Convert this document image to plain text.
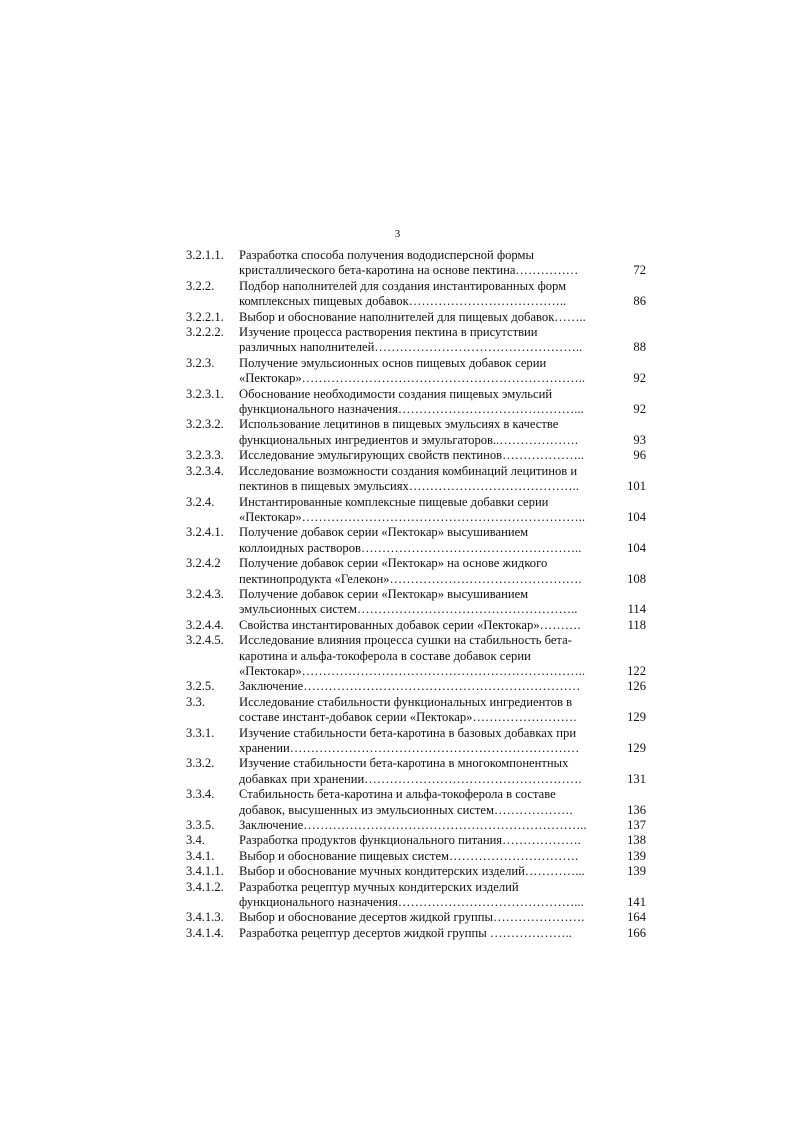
3
3.2.1.1.	Разработка способа получения вододисперсной формы
кристаллического бета-каротина на основе пектина……………	72
3.2.2.	Подбор наполнителей для создания инстантированных форм
комплексных пищевых добавок………………………………..	86
3.2.2.1.	Выбор и обоснование наполнителей для пищевых добавок……..
3.2.2.2.	Изучение процесса растворения пектина в присутствии
различных наполнителей…………………………………………..	88
3.2.3.	Получение эмульсионных основ пищевых добавок серии
«Пектокар»…………………………………………………………..	92
3.2.3.1.	Обоснование необходимости создания пищевых эмульсий
функционального назначения……………………………………...	92
3.2.3.2.	Использование лецитинов в пищевых эмульсиях в качестве
функциональных ингредиентов и эмульгаторов..……………….	93
3.2.3.3.	Исследование эмульгирующих свойств пектинов………………..	96
3.2.3.4.	Исследование возможности создания комбинаций лецитинов и
пектинов в пищевых эмульсиях…………………………………..	101
3.2.4.	Инстантированные комплексные пищевые добавки серии
«Пектокар»…………………………………………………………..	104
3.2.4.1.	Получение добавок серии «Пектокар» высушиванием
коллоидных растворов……………………………………………..	104
3.2.4.2	Получение добавок серии «Пектокар» на основе жидкого
пектинопродукта «Гелекон»……………………………………….	108
3.2.4.3.	Получение добавок серии «Пектокар» высушиванием
эмульсионных систем……………………………………………..	114
3.2.4.4.	Свойства инстантированных добавок серии «Пектокар»……….	118
3.2.4.5.	Исследование влияния процесса сушки на стабильность бета-
каротина и альфа-токоферола в составе добавок серии
«Пектокар»…………………………………………………………..	122
3.2.5.	Заключение…………………………………………………………	126
3.3.	Исследование стабильности функциональных ингредиентов в
составе инстант-добавок серии «Пектокар»…………………….	129
3.3.1.	Изучение стабильности бета-каротина в базовых добавках при
хранении……………………………………………………………	129
3.3.2.	Изучение стабильности бета-каротина в многокомпонентных
добавках при хранении…………………………………………….	131
3.3.4.	Стабильность бета-каротина и альфа-токоферола в составе
добавок, высушенных из эмульсионных систем……………….	136
3.3.5.	Заключение…………………………………………………………..	137
3.4.	Разработка продуктов функционального питания……………….	138
3.4.1.	Выбор и обоснование пищевых систем………………………….	139
3.4.1.1.	Выбор и обоснование мучных кондитерских изделий…………...	139
3.4.1.2.	Разработка рецептур мучных кондитерских изделий
функционального назначения……………………………………...	141
3.4.1.3.	Выбор и обоснование десертов жидкой группы………………….	164
3.4.1.4.	Разработка рецептур десертов жидкой группы ………………..	166
